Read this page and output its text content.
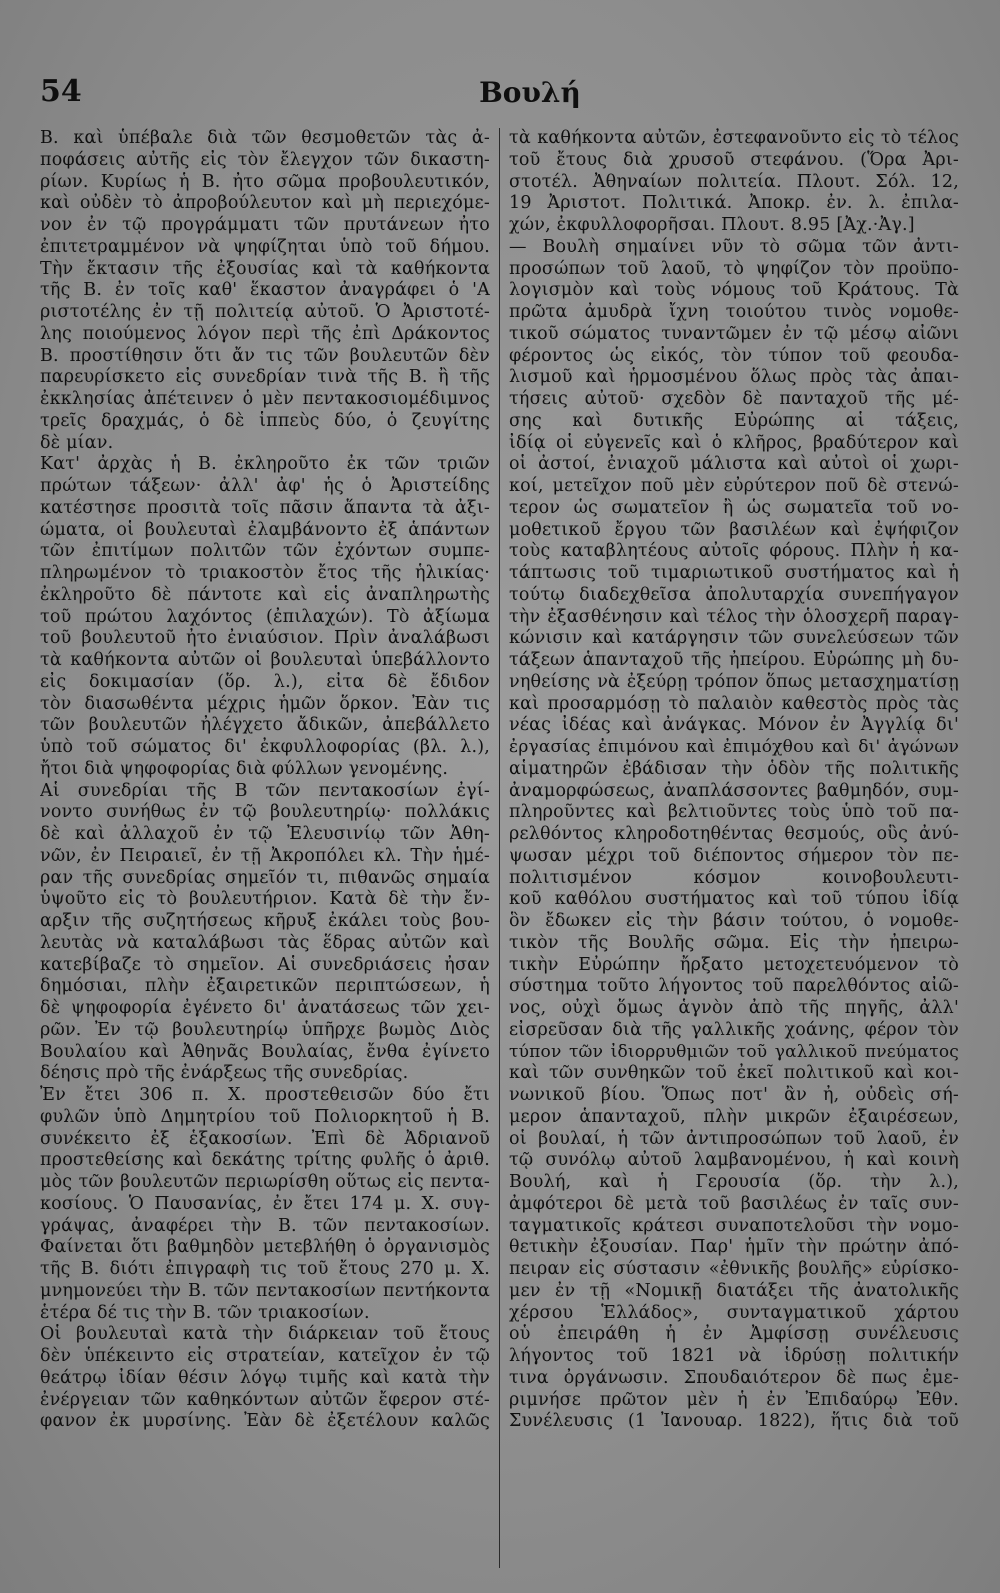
54	Βουλή
Β. καὶ ὑπέβαλε διὰ τῶν θεσμοθετῶν τὰς ἀ-
ποφάσεις αὐτῆς εἰς τὸν ἔλεγχον τῶν δικαστη-
ρίων. Κυρίως ἡ Β. ἦτο σῶμα προβουλευτικόν,
καὶ οὐδὲν τὸ ἀπροβούλευτον καὶ μὴ περιεχόμε-
νον ἐν τῷ προγράμματι τῶν πρυτάνεων ἦτο
ἐπιτετραμμένον νὰ ψηφίζηται ὑπὸ τοῦ δήμου.
Τὴν ἔκτασιν τῆς ἐξουσίας καὶ τὰ καθήκοντα
τῆς Β. ἐν τοῖς καθ' ἕκαστον ἀναγράφει ὁ 'Α
ριστοτέλης ἐν τῇ πολιτείᾳ αὐτοῦ. Ὁ Ἀριστοτέ-
λης ποιούμενος λόγον περὶ τῆς ἐπὶ Δράκοντος
Β. προστίθησιν ὅτι ἄν τις τῶν βουλευτῶν δὲν
παρευρίσκετο εἰς συνεδρίαν τινὰ τῆς Β. ἢ τῆς
ἐκκλησίας ἀπέτεινεν ὁ μὲν πεντακοσιομέδιμνος
τρεῖς δραχμάς, ὁ δὲ ἱππεὺς δύο, ὁ ζευγίτης
δὲ μίαν.
Κατ' ἀρχὰς ἡ Β. ἐκληροῦτο ἐκ τῶν τριῶν
πρώτων τάξεων· ἀλλ' ἀφ' ἧς ὁ Ἀριστείδης
κατέστησε προσιτὰ τοῖς πᾶσιν ἅπαντα τὰ ἀξι-
ώματα, οἱ βουλευταὶ ἐλαμβάνοντο ἐξ ἁπάντων
τῶν ἐπιτίμων πολιτῶν τῶν ἐχόντων συμπε-
πληρωμένον τὸ τριακοστὸν ἔτος τῆς ἡλικίας·
ἐκληροῦτο δὲ πάντοτε καὶ εἷς ἀναπληρωτὴς
τοῦ πρώτου λαχόντος (ἐπιλαχών). Τὸ ἀξίωμα
τοῦ βουλευτοῦ ἦτο ἐνιαύσιον. Πρὶν ἀναλάβωσι
τὰ καθήκοντα αὐτῶν οἱ βουλευταὶ ὑπεβάλλοντο
εἰς δοκιμασίαν (ὅρ. λ.), εἶτα δὲ ἔδιδον
τὸν διασωθέντα μέχρις ἡμῶν ὅρκον. Ἐὰν τις
τῶν βουλευτῶν ἠλέγχετο ἄδικῶν, ἀπεβάλλετο
ὑπὸ τοῦ σώματος δι' ἐκφυλλοφορίας (βλ. λ.),
ἤτοι διὰ ψηφοφορίας διὰ φύλλων γενομένης.
Αἱ συνεδρίαι τῆς Β τῶν πεντακοσίων ἐγί-
νοντο συνήθως ἐν τῷ βουλευτηρίῳ· πολλάκις
δὲ καὶ ἀλλαχοῦ ἐν τῷ Ἐλευσινίῳ τῶν Ἀθη-
νῶν, ἐν Πειραιεῖ, ἐν τῇ Ἀκροπόλει κλ. Τὴν ἡμέ-
ραν τῆς συνεδρίας σημεῖόν τι, πιθανῶς σημαία
ὑψοῦτο εἰς τὸ βουλευτήριον. Κατὰ δὲ τὴν ἔν-
αρξιν τῆς συζητήσεως κῆρυξ ἐκάλει τοὺς βου-
λευτὰς νὰ καταλάβωσι τὰς ἕδρας αὐτῶν καὶ
κατεβίβαζε τὸ σημεῖον. Αἱ συνεδριάσεις ἦσαν
δημόσιαι, πλὴν ἐξαιρετικῶν περιπτώσεων, ἡ
δὲ ψηφοφορία ἐγένετο δι' ἀνατάσεως τῶν χει-
ρῶν. Ἐν τῷ βουλευτηρίῳ ὑπῆρχε βωμὸς Διὸς
Βουλαίου καὶ Ἀθηνᾶς Βουλαίας, ἔνθα ἐγίνετο
δέησις πρὸ τῆς ἐνάρξεως τῆς συνεδρίας.
Ἐν ἔτει 306 π. Χ. προστεθεισῶν δύο ἔτι
φυλῶν ὑπὸ Δημητρίου τοῦ Πολιορκητοῦ ἡ Β.
συνέκειτο ἐξ ἑξακοσίων. Ἐπὶ δὲ Ἀδριανοῦ
προστεθείσης καὶ δεκάτης τρίτης φυλῆς ὁ ἀριθ.
μὸς τῶν βουλευτῶν περιωρίσθη οὕτως εἰς πεντα-
κοσίους. Ὁ Παυσανίας, ἐν ἔτει 174 μ. Χ. συγ-
γράψας, ἀναφέρει τὴν Β. τῶν πεντακοσίων.
Φαίνεται ὅτι βαθμηδὸν μετεβλήθη ὁ ὀργανισμὸς
τῆς Β. διότι ἐπιγραφὴ τις τοῦ ἔτους 270 μ. Χ.
μνημονεύει τὴν Β. τῶν πεντακοσίων πεντήκοντα
ἑτέρα δέ τις τὴν Β. τῶν τριακοσίων.
Οἱ βουλευταὶ κατὰ τὴν διάρκειαν τοῦ ἔτους
δὲν ὑπέκειντο εἰς στρατείαν, κατεῖχον ἐν τῷ
θεάτρῳ ἰδίαν θέσιν λόγῳ τιμῆς καὶ κατὰ τὴν
ἐνέργειαν τῶν καθηκόντων αὐτῶν ἔφερον στέ-
φανον ἐκ μυρσίνης. Ἐὰν δὲ ἐξετέλουν καλῶς
τὰ καθήκοντα αὐτῶν, ἐστεφανοῦντο εἰς τὸ τέλος
τοῦ ἔτους διὰ χρυσοῦ στεφάνου. (Ὅρα Ἀρι-
στοτέλ. Ἀθηναίων πολιτεία. Πλουτ. Σόλ. 12,
19 Ἀριστοτ. Πολιτικά. Ἀποκρ. ἐν. λ. ἐπιλα-
χών, ἐκφυλλοφορῆσαι. Πλουτ. 8.95 [Ἀχ.·Ἀγ.]
— Βουλὴ σημαίνει νῦν τὸ σῶμα τῶν ἀντι-
προσώπων τοῦ λαοῦ, τὸ ψηφίζον τὸν προϋπο-
λογισμὸν καὶ τοὺς νόμους τοῦ Κράτους. Τὰ
πρῶτα ἀμυδρὰ ἴχνη τοιούτου τινὸς νομοθε-
τικοῦ σώματος τυναντῶμεν ἐν τῷ μέσῳ αἰῶνι
φέροντος ὡς εἰκός, τὸν τύπον τοῦ φεουδα-
λισμοῦ καὶ ἡρμοσμένου ὅλως πρὸς τὰς ἀπαι-
τήσεις αὐτοῦ· σχεδὸν δὲ πανταχοῦ τῆς μέ-
σης καὶ δυτικῆς Εὐρώπης αἱ τάξεις,
ἰδίᾳ οἱ εὐγενεῖς καὶ ὁ κλῆρος, βραδύτερον καὶ
οἱ ἀστοί, ἐνιαχοῦ μάλιστα καὶ αὐτοὶ οἱ χωρι-
κοί, μετεῖχον ποῦ μὲν εὐρύτερον ποῦ δὲ στενώ-
τερον ὡς σωματεῖον ἢ ὡς σωματεῖα τοῦ νο-
μοθετικοῦ ἔργου τῶν βασιλέων καὶ ἐψήφιζον
τοὺς καταβλητέους αὐτοῖς φόρους. Πλὴν ἡ κα-
τάπτωσις τοῦ τιμαριωτικοῦ συστήματος καὶ ἡ
τούτῳ διαδεχθεῖσα ἀπολυταρχία συνεπήγαγον
τὴν ἐξασθένησιν καὶ τέλος τὴν ὁλοσχερῆ παραγ-
κώνισιν καὶ κατάργησιν τῶν συνελεύσεων τῶν
τάξεων ἁπανταχοῦ τῆς ἠπείρου. Εὐρώπης μὴ δυ-
νηθείσης νὰ ἐξεύρῃ τρόπον ὅπως μετασχηματίσῃ
καὶ προσαρμόσῃ τὸ παλαιὸν καθεστὸς πρὸς τὰς
νέας ἰδέας καὶ ἀνάγκας. Μόνον ἐν Ἀγγλίᾳ δι'
ἐργασίας ἐπιμόνου καὶ ἐπιμόχθου καὶ δι' ἀγώνων
αἱματηρῶν ἐβάδισαν τὴν ὁδὸν τῆς πολιτικῆς
ἀναμορφώσεως, ἀναπλάσσοντες βαθμηδόν, συμ-
πληροῦντες καὶ βελτιοῦντες τοὺς ὑπὸ τοῦ πα-
ρελθόντος κληροδοτηθέντας θεσμούς, οὓς ἀνύ-
ψωσαν μέχρι τοῦ διέποντος σήμερον τὸν πε-
πολιτισμένον κόσμον κοινοβουλευτι-
κοῦ καθόλου συστήματος καὶ τοῦ τύπου ἰδίᾳ
ὃν ἔδωκεν εἰς τὴν βάσιν τούτου, ὁ νομοθε-
τικὸν τῆς Βουλῆς σῶμα. Εἰς τὴν ἠπειρω-
τικὴν Εὐρώπην ἤρξατο μετοχετευόμενον τὸ
σύστημα τοῦτο λήγοντος τοῦ παρελθόντος αἰῶ-
νος, οὐχὶ ὅμως ἁγνὸν ἀπὸ τῆς πηγῆς, ἀλλ'
εἰσρεῦσαν διὰ τῆς γαλλικῆς χοάνης, φέρον τὸν
τύπον τῶν ἰδιορρυθμιῶν τοῦ γαλλικοῦ πνεύματος
καὶ τῶν συνθηκῶν τοῦ ἐκεῖ πολιτικοῦ καὶ κοι-
νωνικοῦ βίου. Ὅπως ποτ' ἂν ἦ, οὐδεὶς σή-
μερον ἁπανταχοῦ, πλὴν μικρῶν ἐξαιρέσεων,
οἱ βουλαί, ἡ τῶν ἀντιπροσώπων τοῦ λαοῦ, ἐν
τῷ συνόλῳ αὐτοῦ λαμβανομένου, ἡ καὶ κοινὴ
Βουλή, καὶ ἡ Γερουσία (ὅρ. τὴν λ.),
ἀμφότεροι δὲ μετὰ τοῦ βασιλέως ἐν ταῖς συν-
ταγματικοῖς κράτεσι συναποτελοῦσι τὴν νομο-
θετικὴν ἐξουσίαν. Παρ' ἡμῖν τὴν πρώτην ἀπό-
πειραν εἰς σύστασιν «ἐθνικῆς βουλῆς» εὑρίσκο-
μεν ἐν τῇ «Νομικῇ διατάξει τῆς ἀνατολικῆς
χέρσου Ἑλλάδος», συνταγματικοῦ χάρτου
οὗ ἐπειράθη ἡ ἐν Ἀμφίσσῃ συνέλευσις
λήγοντος τοῦ 1821 νὰ ἱδρύσῃ πολιτικήν
τινα ὀργάνωσιν. Σπουδαιότερον δὲ πως ἐμε-
ριμνήσε πρῶτον μὲν ἡ ἐν Ἐπιδαύρῳ Ἐθν.
Συνέλευσις (1 Ἰανουαρ. 1822), ἥτις διὰ τοῦ
